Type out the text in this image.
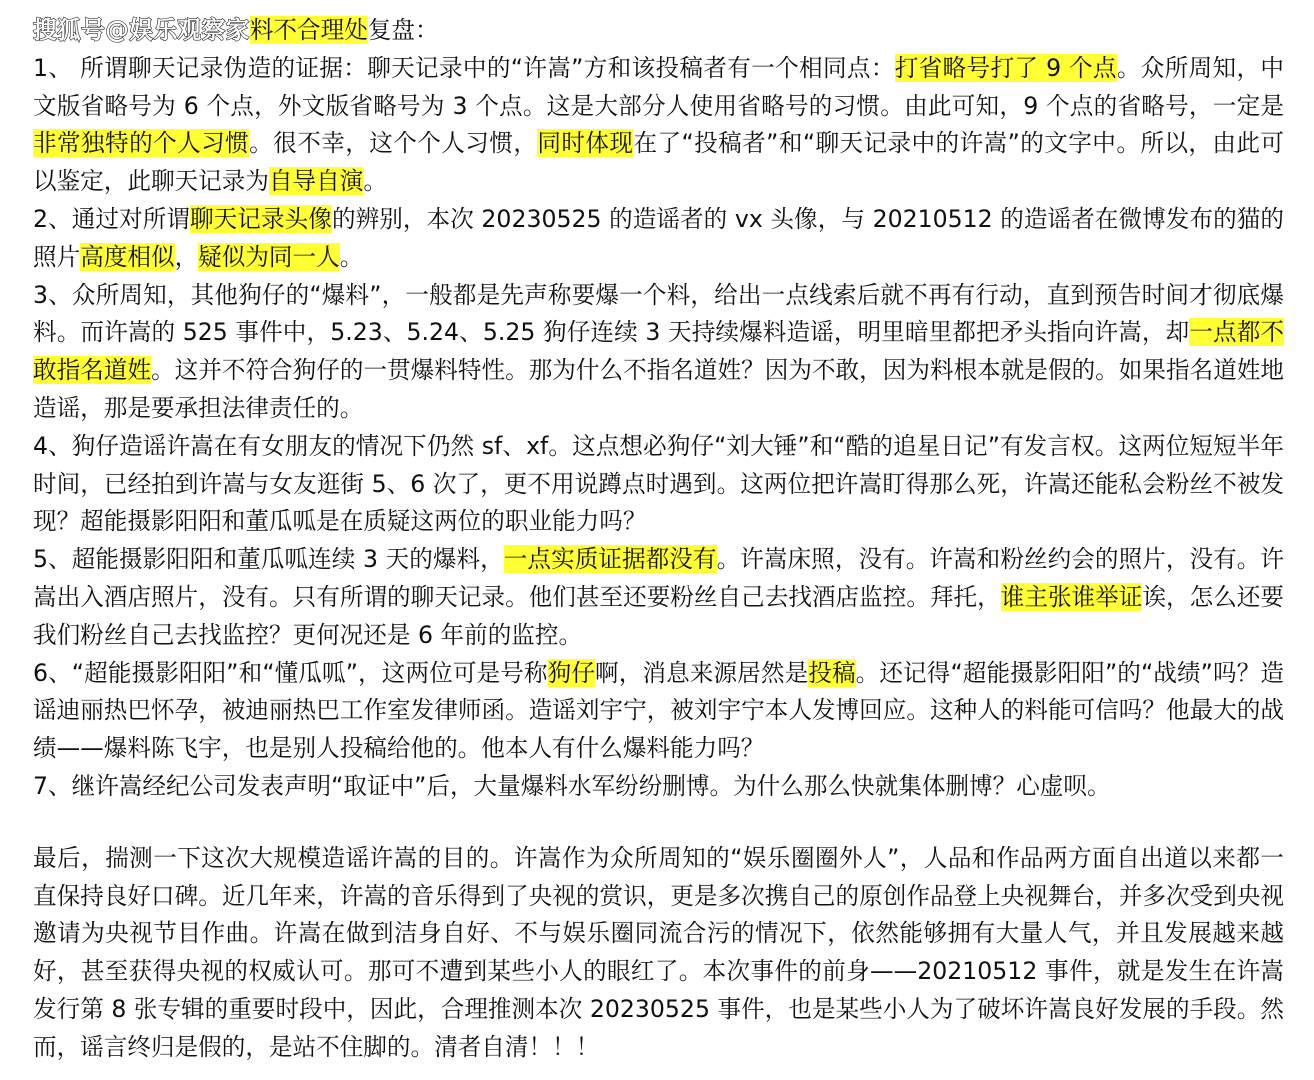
搜狐号@娱乐观察家料不合理处复盘：

1、 所谓聊天记录伪造的证据：聊天记录中的“许嵩”方和该投稿者有一个相同点：打省略号打了 9 个点。众所周知，中文版省略号为 6 个点，外文版省略号为 3 个点。这是大部分人使用省略号的习惯。由此可知，9 个点的省略号，一定是非常独特的个人习惯。很不幸，这个个人习惯，同时体现在了“投稿者”和“聊天记录中的许嵩”的文字中。所以，由此可以鉴定，此聊天记录为自导自演。

2、通过对所谓聊天记录头像的辨别，本次 20230525 的造谣者的 vx 头像，与 20210512 的造谣者在微博发布的猫的照片高度相似，疑似为同一人。

3、众所周知，其他狗仔的“爆料”，一般都是先声称要爆一个料，给出一点线索后就不再有行动，直到预告时间才彻底爆料。而许嵩的 525 事件中，5.23、5.24、5.25 狗仔连续 3 天持续爆料造谣，明里暗里都把矛头指向许嵩，却一点都不敢指名道姓。这并不符合狗仔的一贯爆料特性。那为什么不指名道姓？因为不敢，因为料根本就是假的。如果指名道姓地造谣，那是要承担法律责任的。

4、狗仔造谣许嵩在有女朋友的情况下仍然 sf、xf。这点想必狗仔“刘大锤”和“酷的追星日记”有发言权。这两位短短半年时间，已经拍到许嵩与女友逛街 5、6 次了，更不用说蹲点时遇到。这两位把许嵩盯得那么死，许嵩还能私会粉丝不被发现？超能摄影阳阳和董瓜呱是在质疑这两位的职业能力吗？

5、超能摄影阳阳和董瓜呱连续 3 天的爆料，一点实质证据都没有。许嵩床照，没有。许嵩和粉丝约会的照片，没有。许嵩出入酒店照片，没有。只有所谓的聊天记录。他们甚至还要粉丝自己去找酒店监控。拜托，谁主张谁举证诶，怎么还要我们粉丝自己去找监控？更何况还是 6 年前的监控。

6、“超能摄影阳阳”和“懂瓜呱”，这两位可是号称狗仔啊，消息来源居然是投稿。还记得“超能摄影阳阳”的“战绩”吗？造谣迪丽热巴怀孕，被迪丽热巴工作室发律师函。造谣刘宇宁，被刘宇宁本人发博回应。这种人的料能可信吗？他最大的战绩——爆料陈飞宇，也是别人投稿给他的。他本人有什么爆料能力吗？

7、继许嵩经纪公司发表声明“取证中”后，大量爆料水军纷纷删博。为什么那么快就集体删博？心虚呗。

最后，揣测一下这次大规模造谣许嵩的目的。许嵩作为众所周知的“娱乐圈圈外人”，人品和作品两方面自出道以来都一直保持良好口碑。近几年来，许嵩的音乐得到了央视的赏识，更是多次携自己的原创作品登上央视舞台，并多次受到央视邀请为央视节目作曲。许嵩在做到洁身自好、不与娱乐圈同流合污的情况下，依然能够拥有大量人气，并且发展越来越好，甚至获得央视的权威认可。那可不遭到某些小人的眼红了。本次事件的前身——20210512 事件，就是发生在许嵩发行第 8 张专辑的重要时段中，因此，合理推测本次 20230525 事件，也是某些小人为了破坏许嵩良好发展的手段。然而，谣言终归是假的，是站不住脚的。清者自清！！！
